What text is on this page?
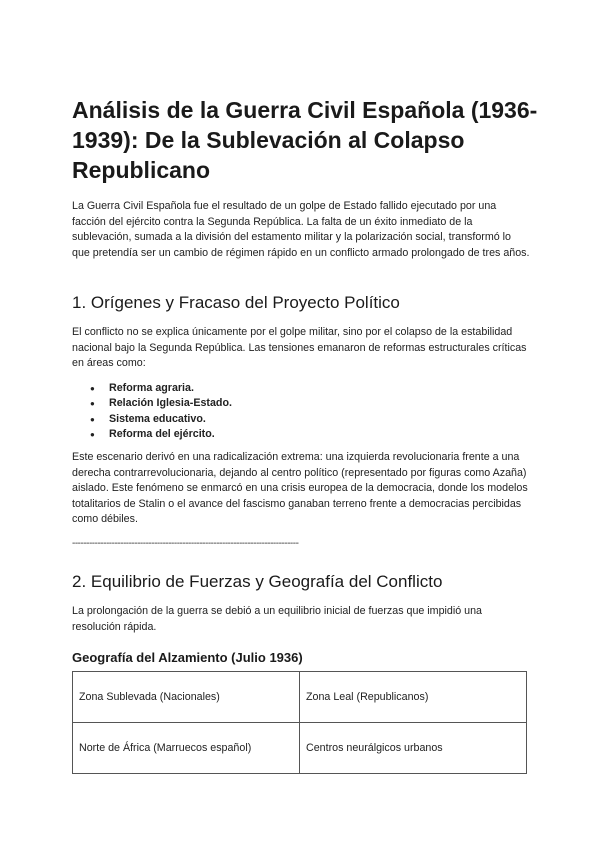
Análisis de la Guerra Civil Española (1936-1939): De la Sublevación al Colapso Republicano

La Guerra Civil Española fue el resultado de un golpe de Estado fallido ejecutado por una facción del ejército contra la Segunda República. La falta de un éxito inmediato de la sublevación, sumada a la división del estamento militar y la polarización social, transformó lo que pretendía ser un cambio de régimen rápido en un conflicto armado prolongado de tres años.

1. Orígenes y Fracaso del Proyecto Político

El conflicto no se explica únicamente por el golpe militar, sino por el colapso de la estabilidad nacional bajo la Segunda República. Las tensiones emanaron de reformas estructurales críticas en áreas como:

● Reforma agraria.
● Relación Iglesia-Estado.
● Sistema educativo.
● Reforma del ejército.

Este escenario derivó en una radicalización extrema: una izquierda revolucionaria frente a una derecha contrarrevolucionaria, dejando al centro político (representado por figuras como Azaña) aislado. Este fenómeno se enmarcó en una crisis europea de la democracia, donde los modelos totalitarios de Stalin o el avance del fascismo ganaban terreno frente a democracias percibidas como débiles.

--------------------------------------------------------------------------------
2. Equilibrio de Fuerzas y Geografía del Conflicto

La prolongación de la guerra se debió a un equilibrio inicial de fuerzas que impidió una resolución rápida.

Geografía del Alzamiento (Julio 1936)
Zona Sublevada (Nacionales)	Zona Leal (Republicanos)
Norte de África (Marruecos español)	Centros neurálgicos urbanos
